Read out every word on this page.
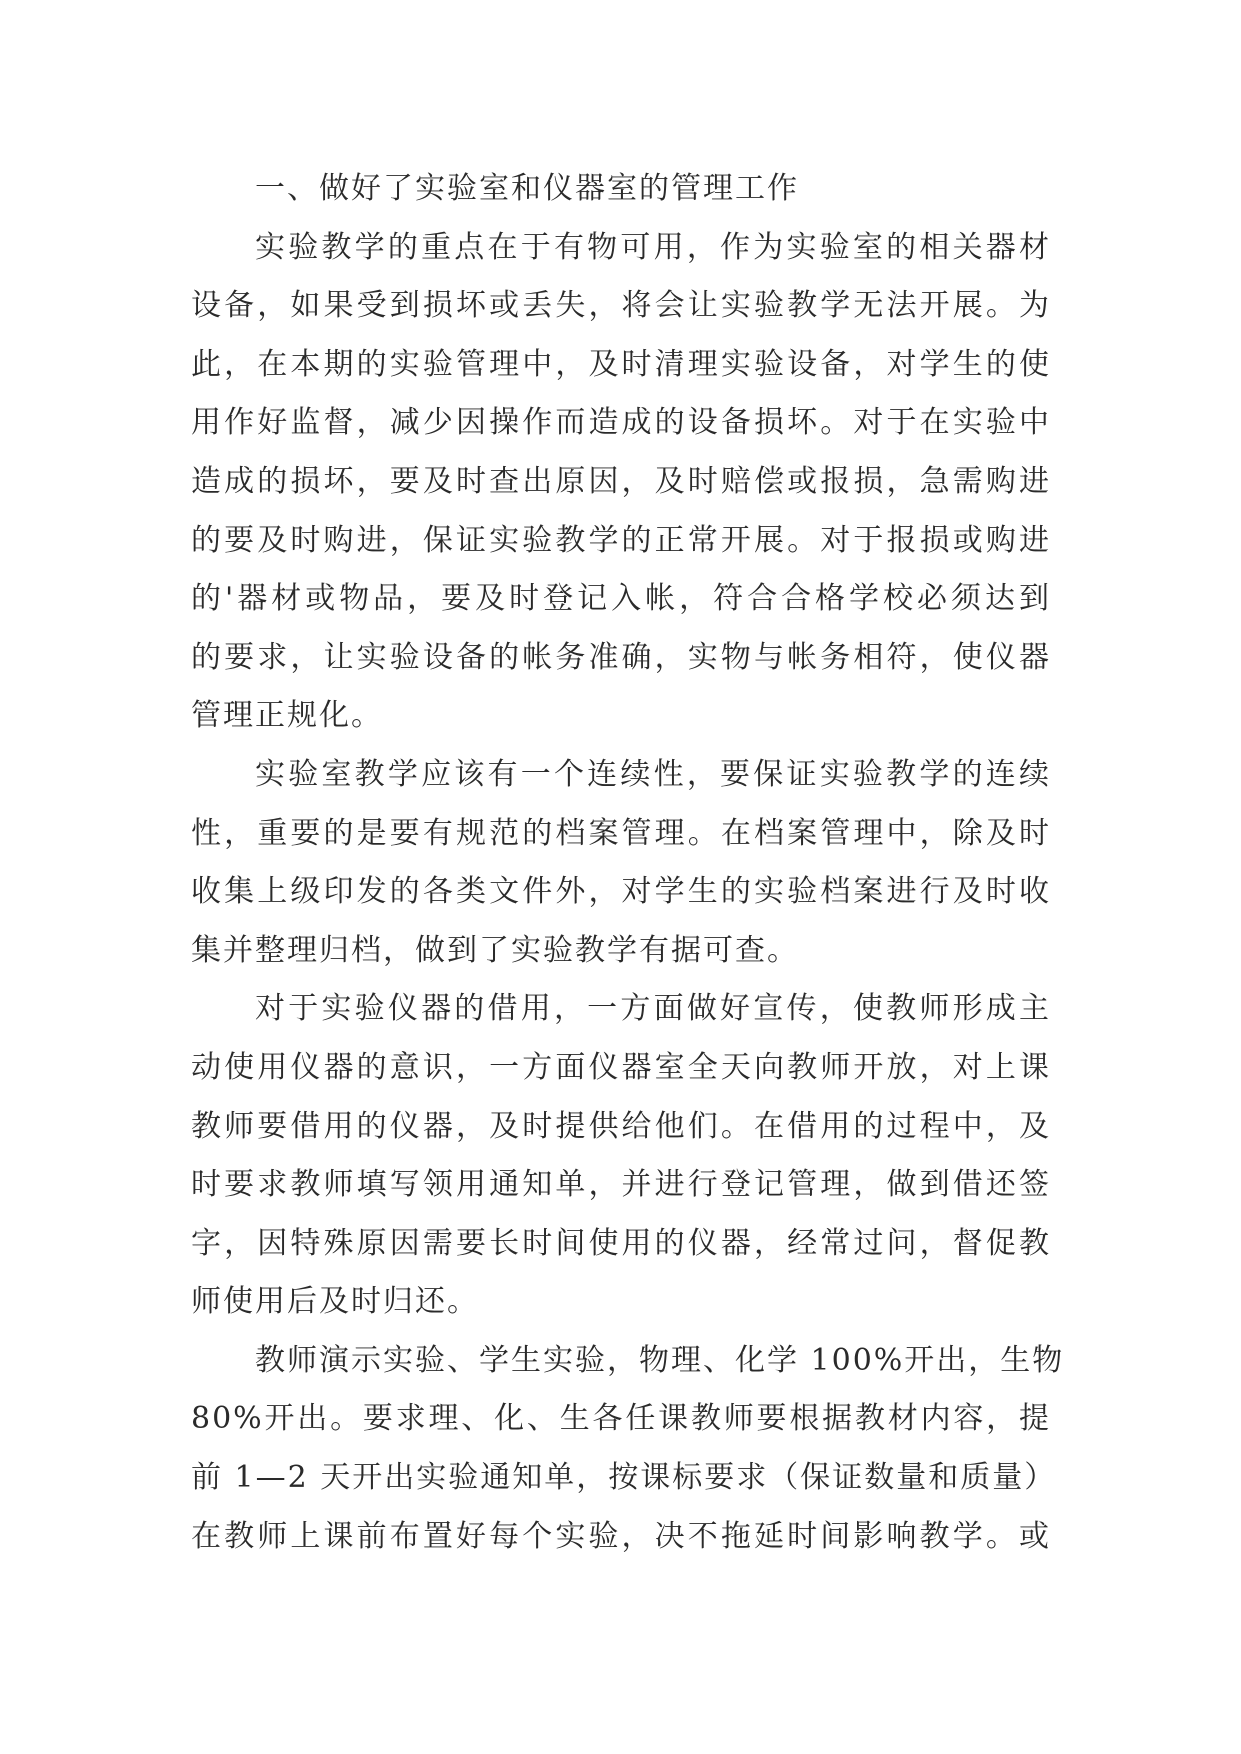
一、做好了实验室和仪器室的管理工作
实验教学的重点在于有物可用，作为实验室的相关器材
设备，如果受到损坏或丢失，将会让实验教学无法开展。为
此，在本期的实验管理中，及时清理实验设备，对学生的使
用作好监督，减少因操作而造成的设备损坏。对于在实验中
造成的损坏，要及时查出原因，及时赔偿或报损，急需购进
的要及时购进，保证实验教学的正常开展。对于报损或购进
的'器材或物品，要及时登记入帐，符合合格学校必须达到
的要求，让实验设备的帐务准确，实物与帐务相符，使仪器
管理正规化。
实验室教学应该有一个连续性，要保证实验教学的连续
性，重要的是要有规范的档案管理。在档案管理中，除及时
收集上级印发的各类文件外，对学生的实验档案进行及时收
集并整理归档，做到了实验教学有据可查。
对于实验仪器的借用，一方面做好宣传，使教师形成主
动使用仪器的意识，一方面仪器室全天向教师开放，对上课
教师要借用的仪器，及时提供给他们。在借用的过程中，及
时要求教师填写领用通知单，并进行登记管理，做到借还签
字，因特殊原因需要长时间使用的仪器，经常过问，督促教
师使用后及时归还。
教师演示实验、学生实验，物理、化学 100%开出，生物
80%开出。要求理、化、生各任课教师要根据教材内容，提
前 1—2 天开出实验通知单，按课标要求（保证数量和质量）
在教师上课前布置好每个实验，决不拖延时间影响教学。或
